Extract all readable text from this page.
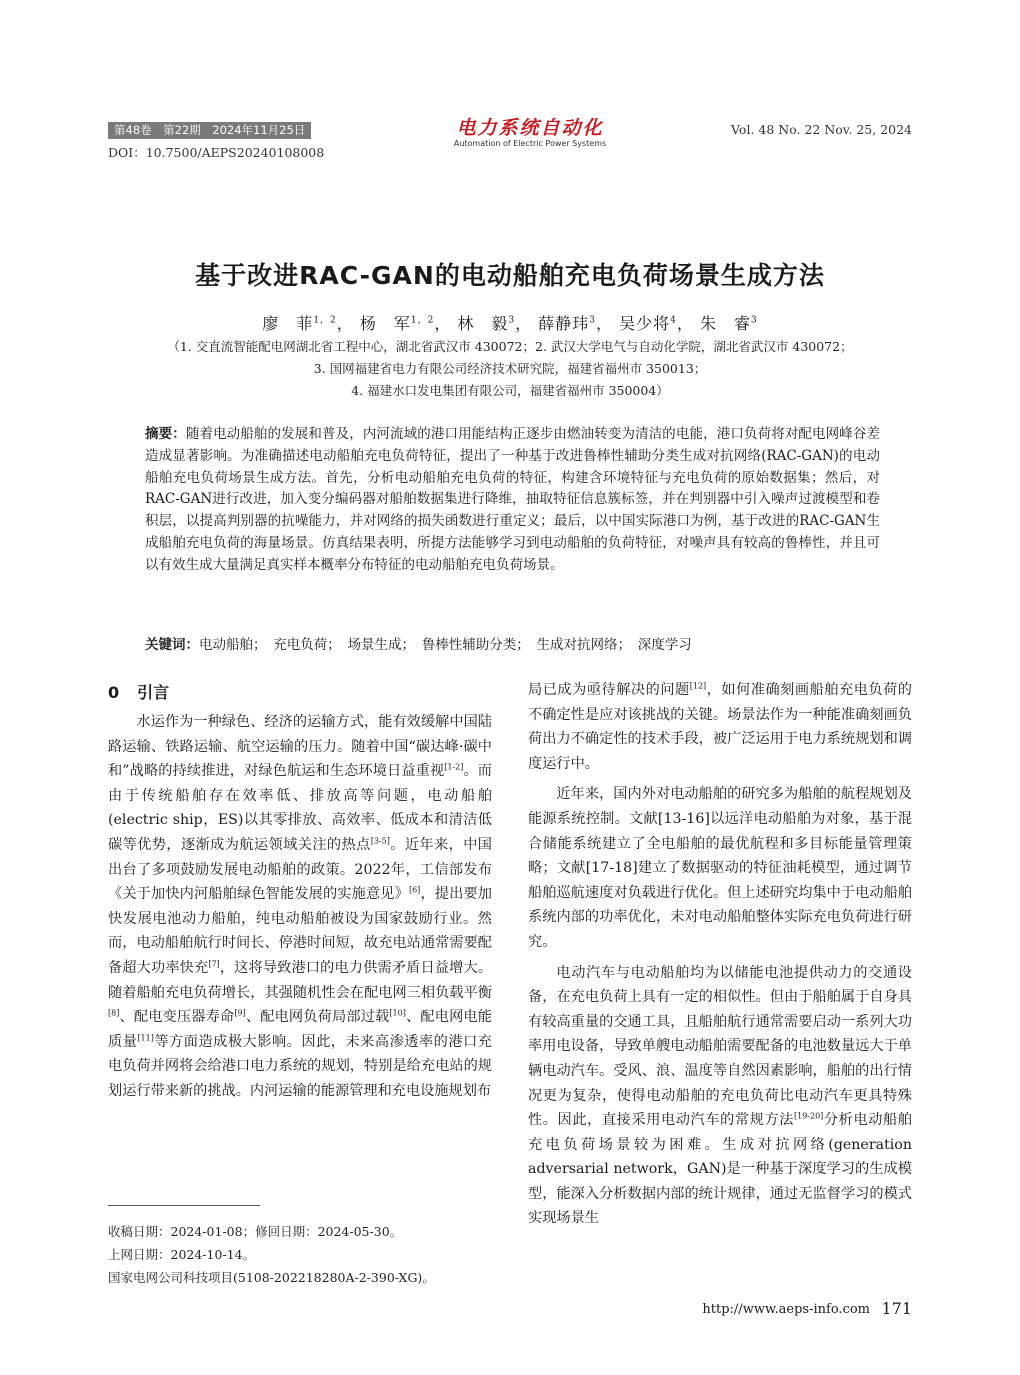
第48卷　第22期　2024年11月25日
DOI：10.7500/AEPS20240108008
电力系统自动化
Automation of Electric Power Systems
Vol. 48 No. 22 Nov. 25, 2024
基于改进RAC-GAN的电动船舶充电负荷场景生成方法
廖　菲$^{1,2}$， 杨　军$^{1,2}$， 林　毅$^3$， 薛静玮$^3$， 吴少将$^4$， 朱　睿$^3$
（1. 交直流智能配电网湖北省工程中心，湖北省武汉市 430072；2. 武汉大学电气与自动化学院，湖北省武汉市 430072；
3. 国网福建省电力有限公司经济技术研究院，福建省福州市 350013；
4. 福建水口发电集团有限公司，福建省福州市 350004）
摘要：随着电动船舶的发展和普及，内河流域的港口用能结构正逐步由燃油转变为清洁的电能，港口负荷将对配电网峰谷差造成显著影响。为准确描述电动船舶充电负荷特征，提出了一种基于改进鲁棒性辅助分类生成对抗网络(RAC-GAN)的电动船舶充电负荷场景生成方法。首先，分析电动船舶充电负荷的特征，构建含环境特征与充电负荷的原始数据集；然后，对RAC-GAN进行改进，加入变分编码器对船舶数据集进行降维，抽取特征信息簇标签，并在判别器中引入噪声过渡模型和卷积层，以提高判别器的抗噪能力，并对网络的损失函数进行重定义；最后，以中国实际港口为例，基于改进的RAC-GAN生成船舶充电负荷的海量场景。仿真结果表明，所提方法能够学习到电动船舶的负荷特征，对噪声具有较高的鲁棒性，并且可以有效生成大量满足真实样本概率分布特征的电动船舶充电负荷场景。
关键词：电动船舶；　充电负荷；　场景生成；　鲁棒性辅助分类；　生成对抗网络；　深度学习
0 引言

水运作为一种绿色、经济的运输方式，能有效缓解中国陆路运输、铁路运输、航空运输的压力。随着中国“碳达峰·碳中和”战略的持续推进，对绿色航运和生态环境日益重视[1-2]。而由于传统船舶存在效率低、排放高等问题，电动船舶(electric ship，ES)以其零排放、高效率、低成本和清洁低碳等优势，逐渐成为航运领域关注的热点[3-5]。近年来，中国出台了多项鼓励发展电动船舶的政策。2022年，工信部发布《关于加快内河船舶绿色智能发展的实施意见》[6]，提出要加快发展电池动力船舶，纯电动船舶被设为国家鼓励行业。然而，电动船舶航行时间长、停港时间短，故充电站通常需要配备超大功率快充[7]，这将导致港口的电力供需矛盾日益增大。随着船舶充电负荷增长，其强随机性会在配电网三相负载平衡[8]、配电变压器寿命[9]、配电网负荷局部过载[10]、配电网电能质量[11]等方面造成极大影响。因此，未来高渗透率的港口充电负荷并网将会给港口电力系统的规划，特别是给充电站的规划运行带来新的挑战。内河运输的能源管理和充电设施规划布

局已成为亟待解决的问题[12]，如何准确刻画船舶充电负荷的不确定性是应对该挑战的关键。场景法作为一种能准确刻画负荷出力不确定性的技术手段，被广泛运用于电力系统规划和调度运行中。

近年来，国内外对电动船舶的研究多为船舶的航程规划及能源系统控制。文献[13-16]以远洋电动船舶为对象，基于混合储能系统建立了全电船舶的最优航程和多目标能量管理策略；文献[17-18]建立了数据驱动的特征油耗模型，通过调节船舶巡航速度对负载进行优化。但上述研究均集中于电动船舶系统内部的功率优化，未对电动船舶整体实际充电负荷进行研究。

电动汽车与电动船舶均为以储能电池提供动力的交通设备，在充电负荷上具有一定的相似性。但由于船舶属于自身具有较高重量的交通工具，且船舶航行通常需要启动一系列大功率用电设备，导致单艘电动船舶需要配备的电池数量远大于单辆电动汽车。受风、浪、温度等自然因素影响，船舶的出行情况更为复杂，使得电动船舶的充电负荷比电动汽车更具特殊性。因此，直接采用电动汽车的常规方法[19-20]分析电动船舶充电负荷场景较为困难。生成对抗网络(generation adversarial network，GAN)是一种基于深度学习的生成模型，能深入分析数据内部的统计规律，通过无监督学习的模式实现场景生

收稿日期：2024-01-08；修回日期：2024-05-30。
上网日期：2024-10-14。
国家电网公司科技项目(5108-202218280A-2-390-XG)。
http://www.aeps-info.com 171
